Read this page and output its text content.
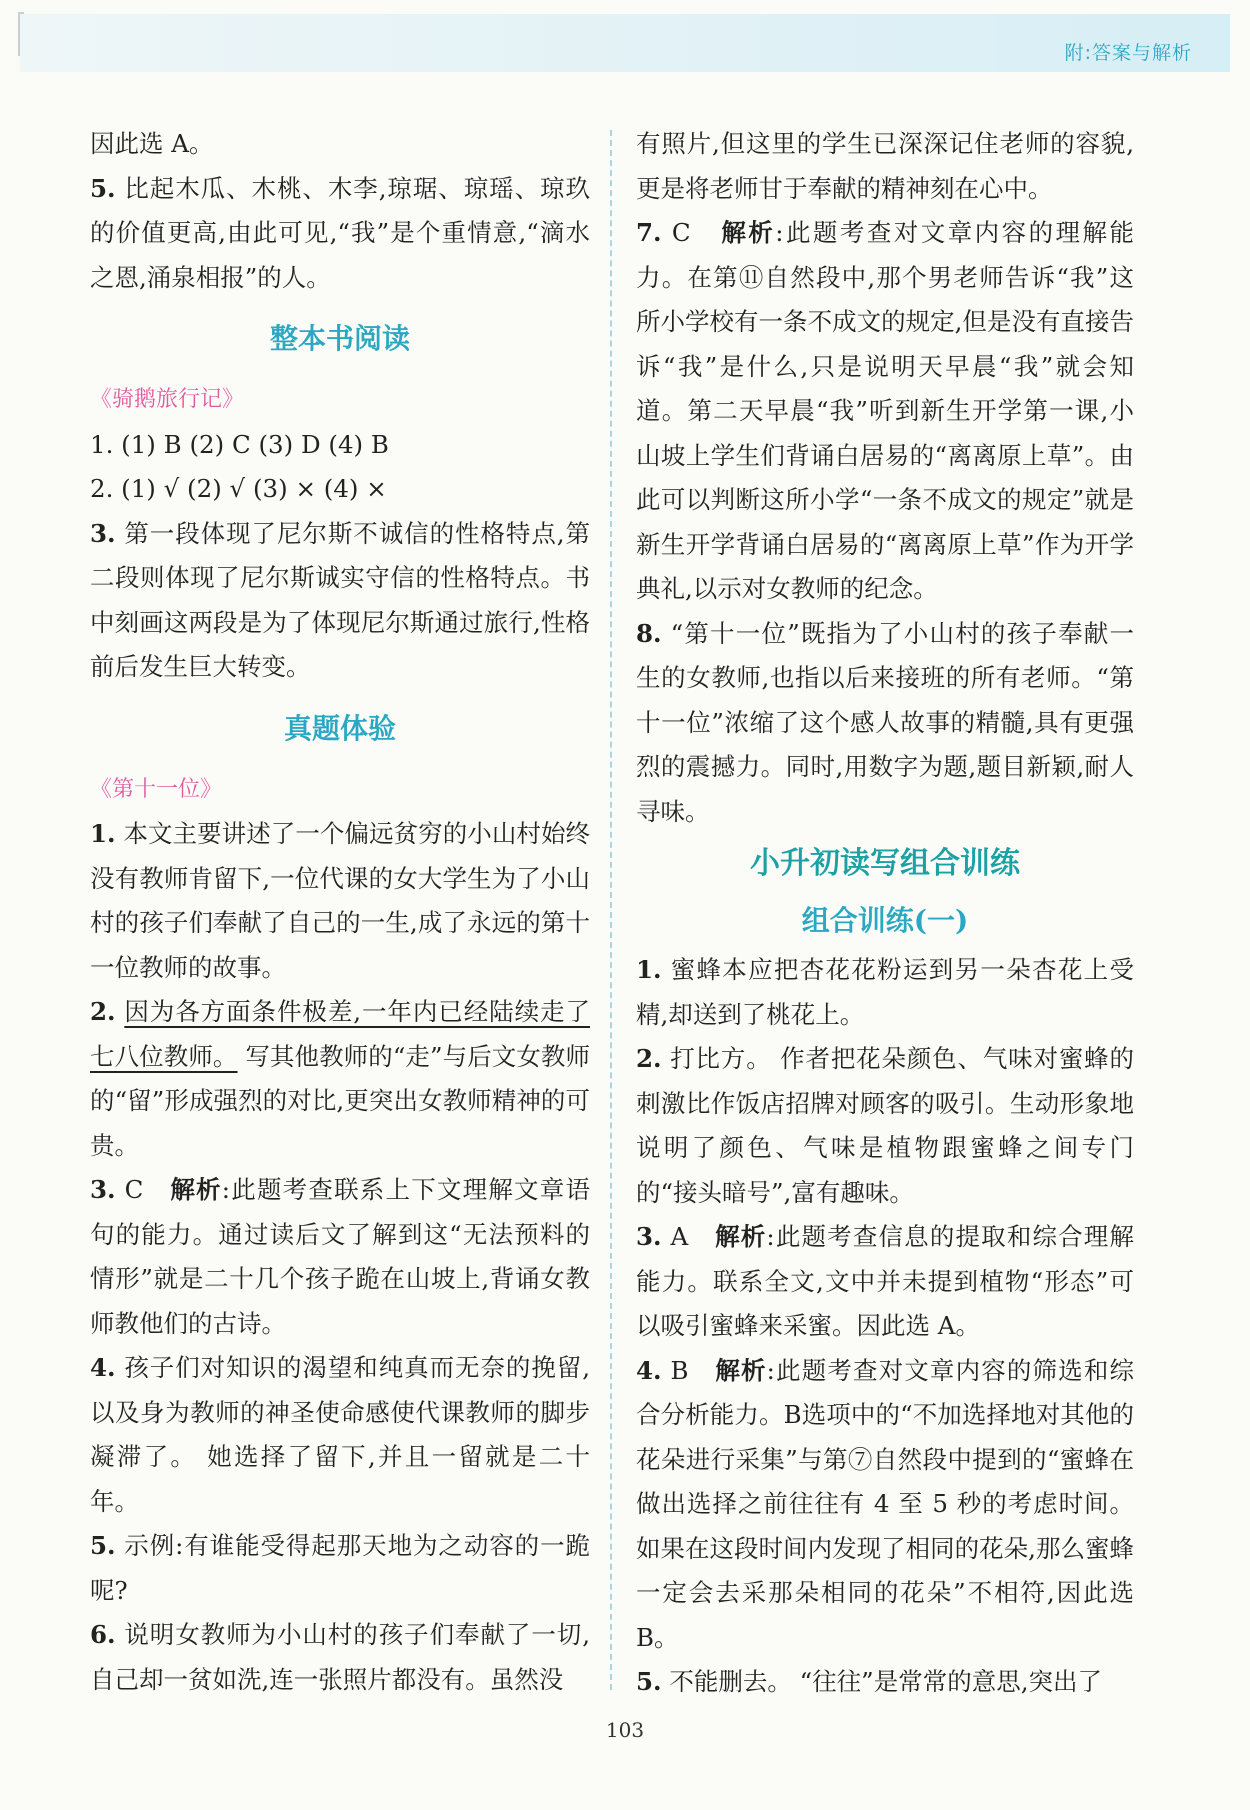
附:答案与解析

因此选 A。

5. 比起木瓜、木桃、木李,琼琚、琼瑶、琼玖的价值更高,由此可见,“我”是个重情意,“滴水之恩,涌泉相报”的人。

整本书阅读

《骑鹅旅行记》

1. (1) B (2) C (3) D (4) B

2. (1) √ (2) √ (3) × (4) ×

3. 第一段体现了尼尔斯不诚信的性格特点,第二段则体现了尼尔斯诚实守信的性格特点。书中刻画这两段是为了体现尼尔斯通过旅行,性格前后发生巨大转变。

真题体验

《第十一位》

1. 本文主要讲述了一个偏远贫穷的小山村始终没有教师肯留下,一位代课的女大学生为了小山村的孩子们奉献了自己的一生,成了永远的第十一位教师的故事。

2. 因为各方面条件极差,一年内已经陆续走了七八位教师。 写其他教师的“走”与后文女教师的“留”形成强烈的对比,更突出女教师精神的可贵。

3. C 解析:此题考查联系上下文理解文章语句的能力。通过读后文了解到这“无法预料的情形”就是二十几个孩子跪在山坡上,背诵女教师教他们的古诗。

4. 孩子们对知识的渴望和纯真而无奈的挽留,以及身为教师的神圣使命感使代课教师的脚步凝滞了。 她选择了留下,并且一留就是二十年。

5. 示例:有谁能受得起那天地为之动容的一跪呢?

6. 说明女教师为小山村的孩子们奉献了一切,自己却一贫如洗,连一张照片都没有。虽然没

有照片,但这里的学生已深深记住老师的容貌,更是将老师甘于奉献的精神刻在心中。

7. C 解析:此题考查对文章内容的理解能力。在第⑪自然段中,那个男老师告诉“我”这所小学校有一条不成文的规定,但是没有直接告诉“我”是什么,只是说明天早晨“我”就会知道。第二天早晨“我”听到新生开学第一课,小山坡上学生们背诵白居易的“离离原上草”。由此可以判断这所小学“一条不成文的规定”就是新生开学背诵白居易的“离离原上草”作为开学典礼,以示对女教师的纪念。

8. “第十一位”既指为了小山村的孩子奉献一生的女教师,也指以后来接班的所有老师。“第十一位”浓缩了这个感人故事的精髓,具有更强烈的震撼力。同时,用数字为题,题目新颖,耐人寻味。

小升初读写组合训练
组合训练(一)

1. 蜜蜂本应把杏花花粉运到另一朵杏花上受精,却送到了桃花上。

2. 打比方。 作者把花朵颜色、气味对蜜蜂的刺激比作饭店招牌对顾客的吸引。生动形象地说明了颜色、气味是植物跟蜜蜂之间专门的“接头暗号”,富有趣味。

3. A 解析:此题考查信息的提取和综合理解能力。联系全文,文中并未提到植物“形态”可以吸引蜜蜂来采蜜。因此选 A。

4. B 解析:此题考查对文章内容的筛选和综合分析能力。B选项中的“不加选择地对其他的花朵进行采集”与第⑦自然段中提到的“蜜蜂在做出选择之前往往有 4 至 5 秒的考虑时间。如果在这段时间内发现了相同的花朵,那么蜜蜂一定会去采那朵相同的花朵”不相符,因此选 B。

5. 不能删去。 “往往”是常常的意思,突出了

103
